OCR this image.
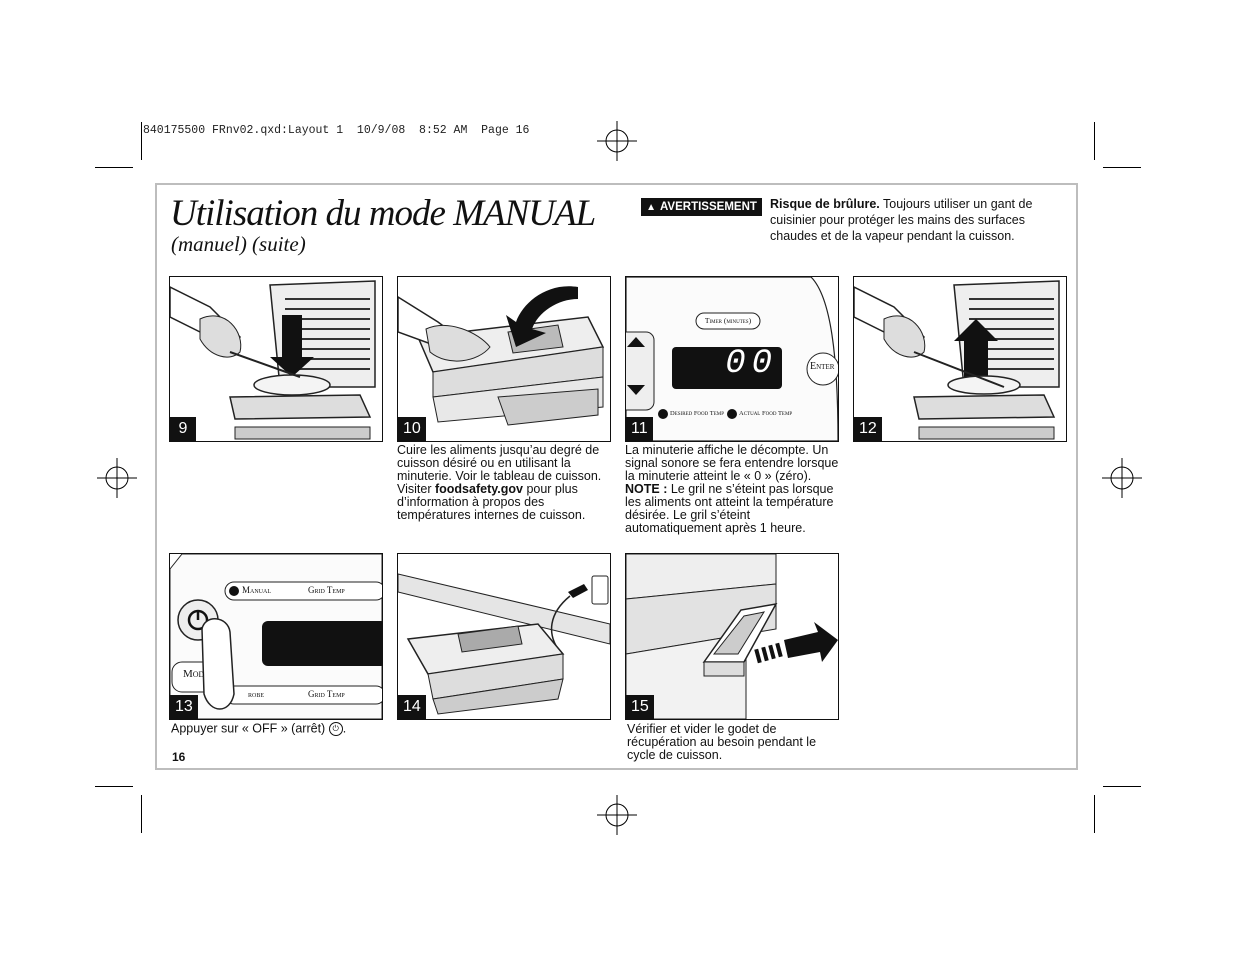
840175500 FRnv02.qxd:Layout 1  10/9/08  8:52 AM  Page 16
Utilisation du mode MANUAL
(manuel) (suite)
▲ AVERTISSEMENT Risque de brûlure. Toujours utiliser un gant de cuisinier pour protéger les mains des surfaces chaudes et de la vapeur pendant la cuisson.
9	10
Timer (minutes)
00	Enter
Desired Food Temp Actual Food Temp
11	12
Cuire les aliments jusqu’au degré de cuisson désiré ou en utilisant la minuterie. Voir le tableau de cuisson. Visiter foodsafety.gov pour plus d’information à propos des températures internes de cuisson.
La minuterie affiche le décompte. Un signal sonore se fera entendre lorsque la minuterie atteint le « 0 » (zéro). NOTE : Le gril ne s’éteint pas lorsque les aliments ont atteint la température désirée. Le gril s’éteint automatiquement après 1 heure.
Manual	Grid Temp
Mod
robe	Grid Temp
13	14	15
Appuyer sur « OFF » (arrêt) ⏻ .	Vérifier et vider le godet de récupération au besoin pendant le cycle de cuisson.
16
